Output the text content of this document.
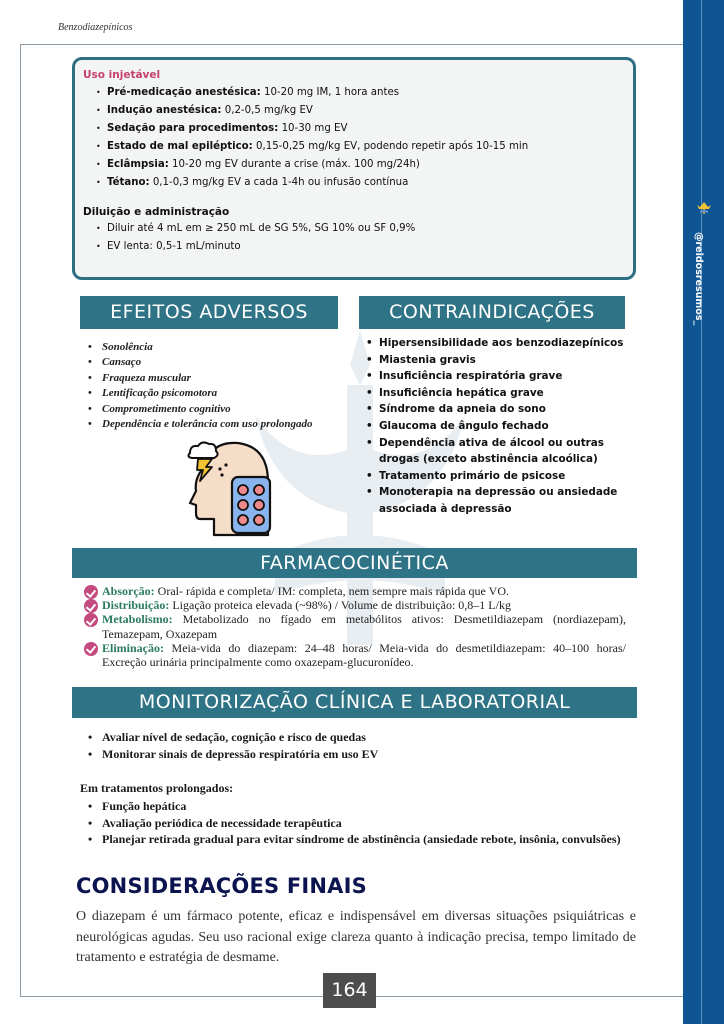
Benzodiazepínicos
@reidosresumos_
Uso injetável
• Pré-medicação anestésica: 10-20 mg IM, 1 hora antes
• Indução anestésica: 0,2-0,5 mg/kg EV
• Sedação para procedimentos: 10-30 mg EV
• Estado de mal epiléptico: 0,15-0,25 mg/kg EV, podendo repetir após 10-15 min
• Eclâmpsia: 10-20 mg EV durante a crise (máx. 100 mg/24h)
• Tétano: 0,1-0,3 mg/kg EV a cada 1-4h ou infusão contínua
Diluição e administração
• Diluir até 4 mL em ≥ 250 mL de SG 5%, SG 10% ou SF 0,9%
• EV lenta: 0,5-1 mL/minuto
EFEITOS ADVERSOS	CONTRAINDICAÇÕES
• Sonolência
• Cansaço
• Fraqueza muscular
• Lentificação psicomotora
• Comprometimento cognitivo
• Dependência e tolerância com uso prolongado
• Hipersensibilidade aos benzodiazepínicos
• Miastenia gravis
• Insuficiência respiratória grave
• Insuficiência hepática grave
• Síndrome da apneia do sono
• Glaucoma de ângulo fechado
• Dependência ativa de álcool ou outras drogas (exceto abstinência alcoólica)
• Tratamento primário de psicose
• Monoterapia na depressão ou ansiedade associada à depressão
FARMACOCINÉTICA
Absorção: Oral- rápida e completa/ IM: completa, nem sempre mais rápida que VO.
Distribuição: Ligação proteica elevada (~98%) / Volume de distribuição: 0,8–1 L/kg
Metabolismo: Metabolizado no fígado em metabólitos ativos: Desmetildiazepam (nordiazepam), Temazepam, Oxazepam
Eliminação: Meia-vida do diazepam: 24–48 horas/ Meia-vida do desmetildiazepam: 40–100 horas/ Excreção urinária principalmente como oxazepam-glucuronídeo.
MONITORIZAÇÃO CLÍNICA E LABORATORIAL
• Avaliar nível de sedação, cognição e risco de quedas
• Monitorar sinais de depressão respiratória em uso EV
Em tratamentos prolongados:
• Função hepática
• Avaliação periódica de necessidade terapêutica
• Planejar retirada gradual para evitar síndrome de abstinência (ansiedade rebote, insônia, convulsões)
CONSIDERAÇÕES FINAIS

O diazepam é um fármaco potente, eficaz e indispensável em diversas situações psiquiátricas e neurológicas agudas. Seu uso racional exige clareza quanto à indicação precisa, tempo limitado de tratamento e estratégia de desmame.

164
